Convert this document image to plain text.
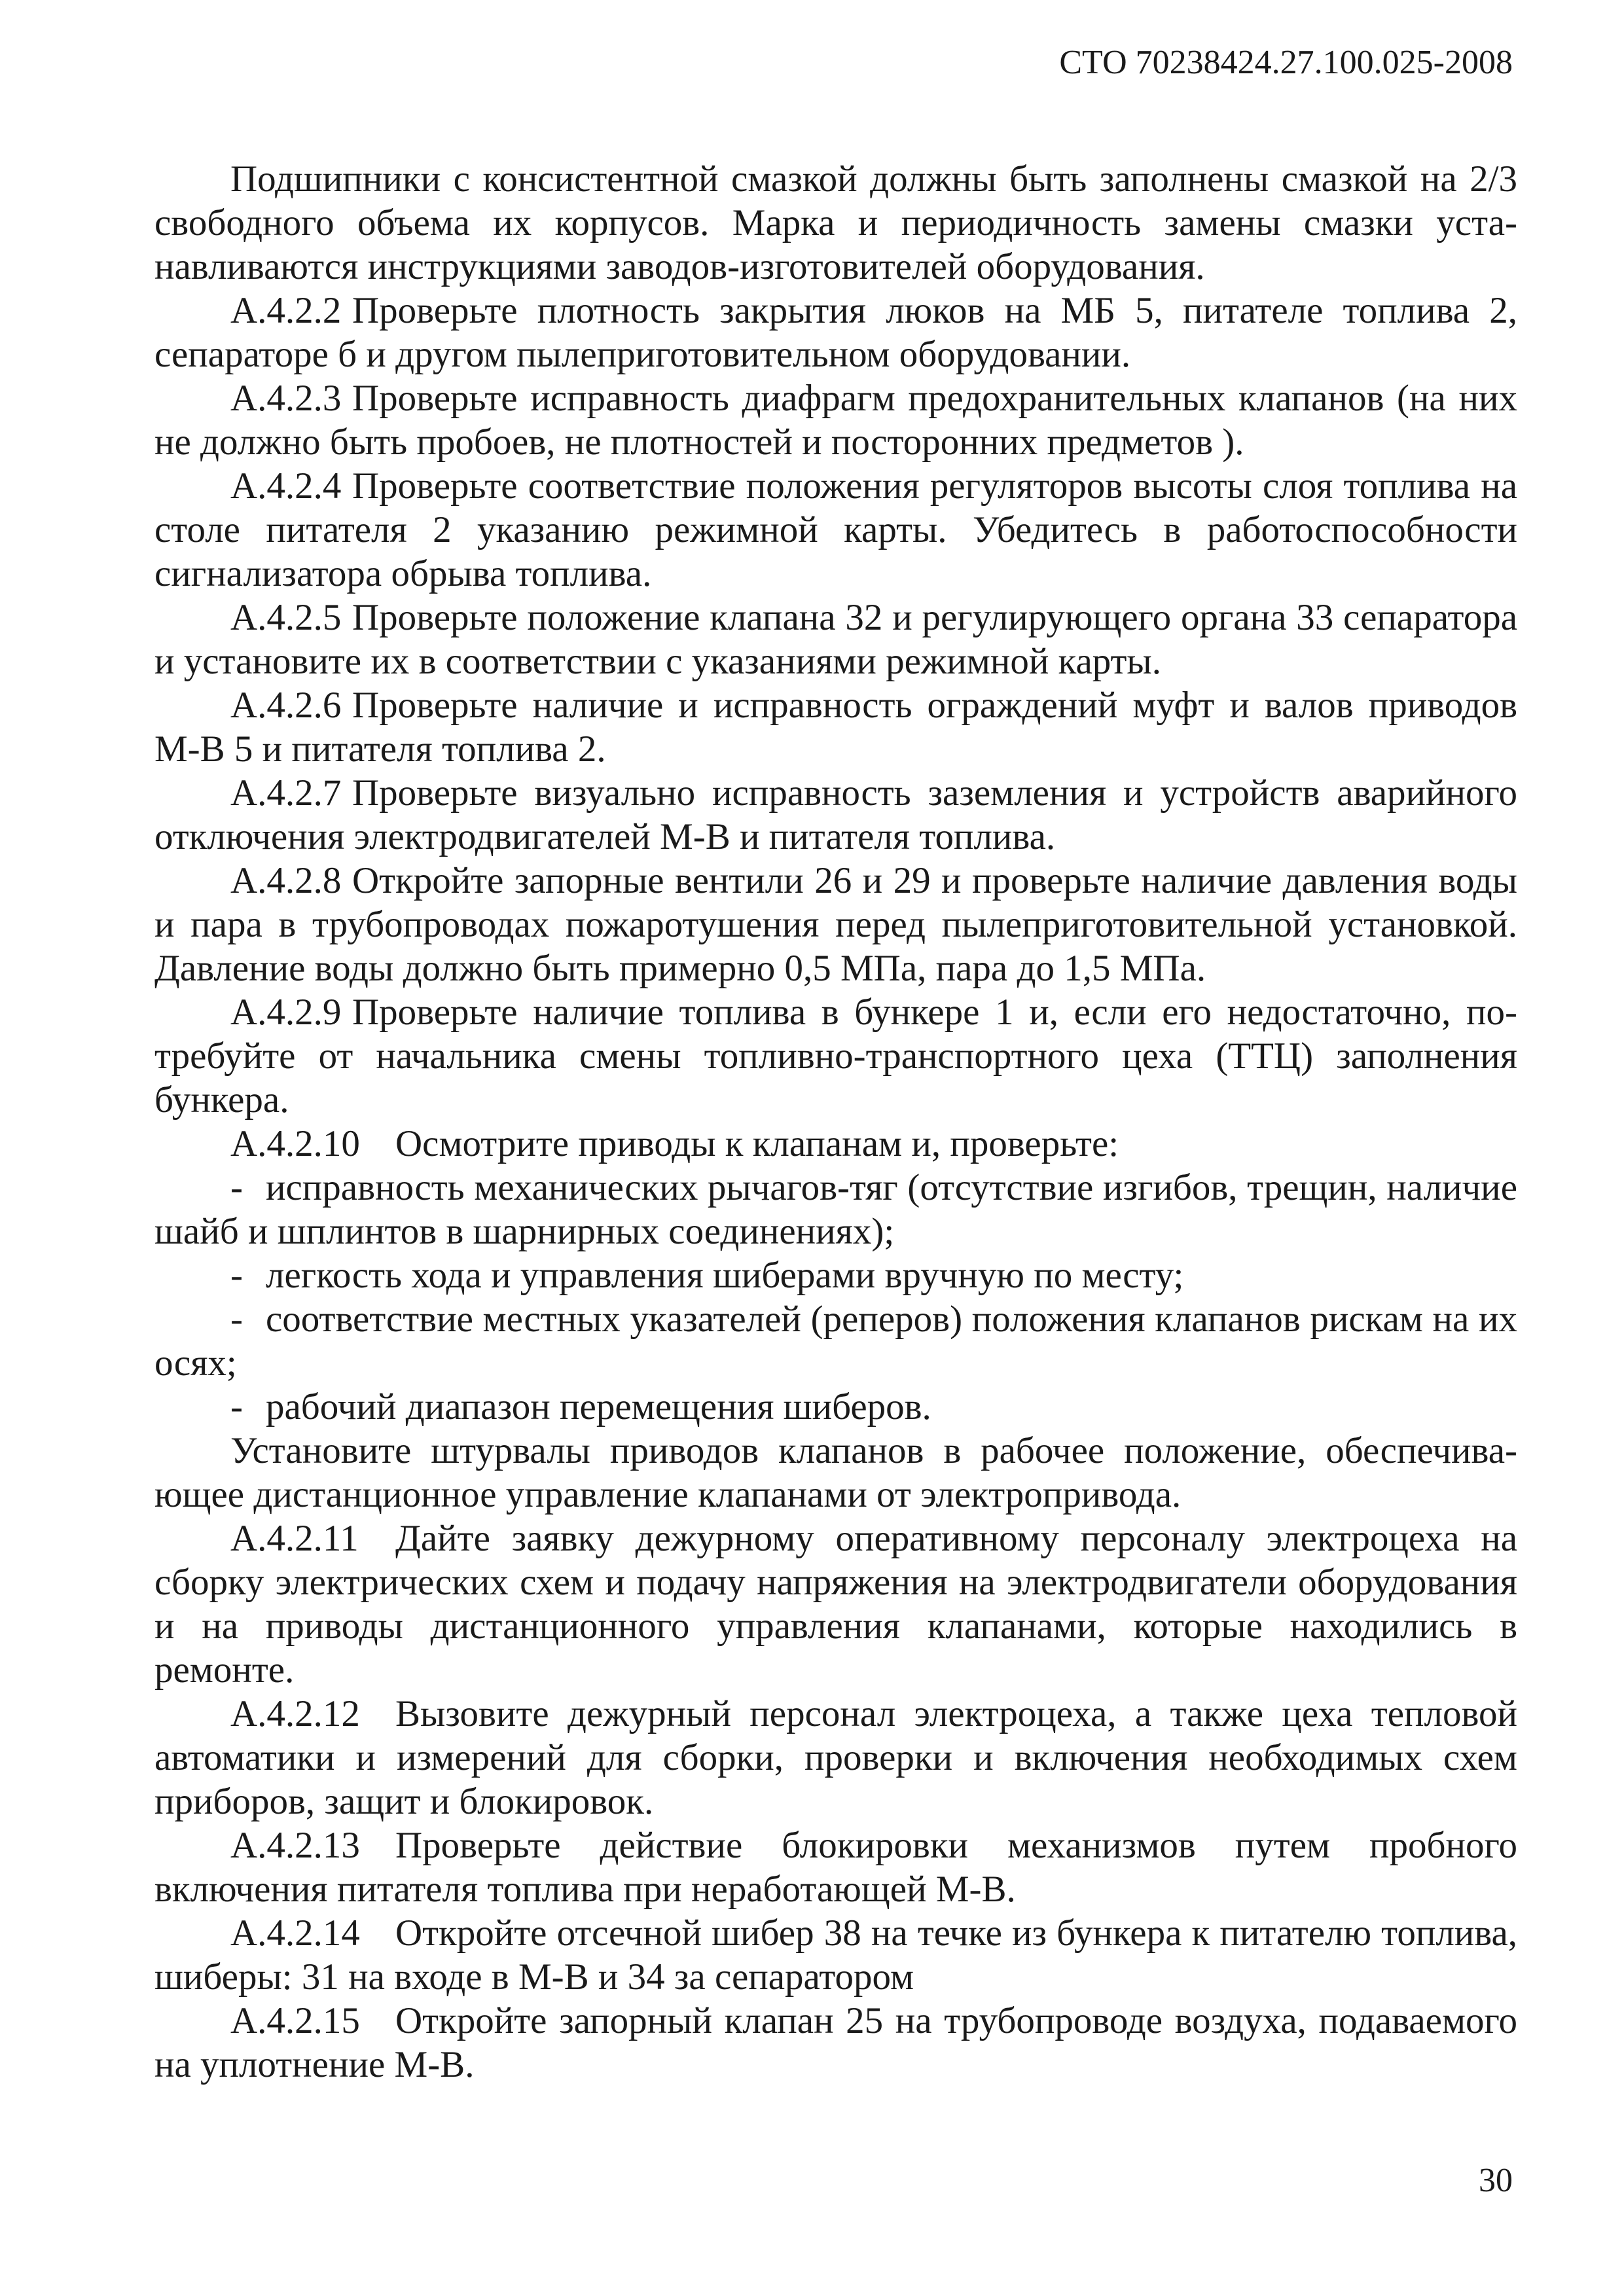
СТО 70238424.27.100.025-2008

Подшипники с консистентной смазкой должны быть заполнены смазкой на 2/3 свободного объема их корпусов. Марка и периодичность замены смазки устанавливаются инструкциями заводов-изготовителей оборудования.

А.4.2.2 Проверьте плотность закрытия люков на МБ 5, питателе топлива 2, сепараторе б и другом пылеприготовительном оборудовании.

А.4.2.3 Проверьте исправность диафрагм предохранительных клапанов (на них не должно быть пробоев, не плотностей и посторонних предметов ).

А.4.2.4 Проверьте соответствие положения регуляторов высоты слоя топлива на столе питателя 2 указанию режимной карты. Убедитесь в работоспособности сигнализатора обрыва топлива.

А.4.2.5 Проверьте положение клапана 32 и регулирующего органа 33 сепаратора и установите их в соответствии с указаниями режимной карты.

А.4.2.6 Проверьте наличие и исправность ограждений муфт и валов приводов М-В 5 и питателя топлива 2.

А.4.2.7 Проверьте визуально исправность заземления и устройств аварийного отключения электродвигателей М-В и питателя топлива.

А.4.2.8 Откройте запорные вентили 26 и 29 и проверьте наличие давления воды и пара в трубопроводах пожаротушения перед пылеприготовительной установкой. Давление воды должно быть примерно 0,5 МПа, пара до 1,5 МПа.

А.4.2.9 Проверьте наличие топлива в бункере 1 и, если его недостаточно, потребуйте от начальника смены топливно-транспортного цеха (ТТЦ) заполнения бункера.

А.4.2.10 Осмотрите приводы к клапанам и, проверьте:

- исправность механических рычагов-тяг (отсутствие изгибов, трещин, наличие шайб и шплинтов в шарнирных соединениях);

- легкость хода и управления шиберами вручную по месту;

- соответствие местных указателей (реперов) положения клапанов рискам на их осях;

- рабочий диапазон перемещения шиберов.

Установите штурвалы приводов клапанов в рабочее положение, обеспечивающее дистанционное управление клапанами от электропривода.

А.4.2.11 Дайте заявку дежурному оперативному персоналу электроцеха на сборку электрических схем и подачу напряжения на электродвигатели оборудования и на приводы дистанционного управления клапанами, которые находились в ремонте.

А.4.2.12 Вызовите дежурный персонал электроцеха, а также цеха тепловой автоматики и измерений для сборки, проверки и включения необходимых схем приборов, защит и блокировок.

А.4.2.13 Проверьте действие блокировки механизмов путем пробного включения питателя топлива при неработающей М-В.

А.4.2.14 Откройте отсечной шибер 38 на течке из бункера к питателю топлива, шиберы: 31 на входе в М-В и 34 за сепаратором

А.4.2.15 Откройте запорный клапан 25 на трубопроводе воздуха, подаваемого на уплотнение М-В.

30
